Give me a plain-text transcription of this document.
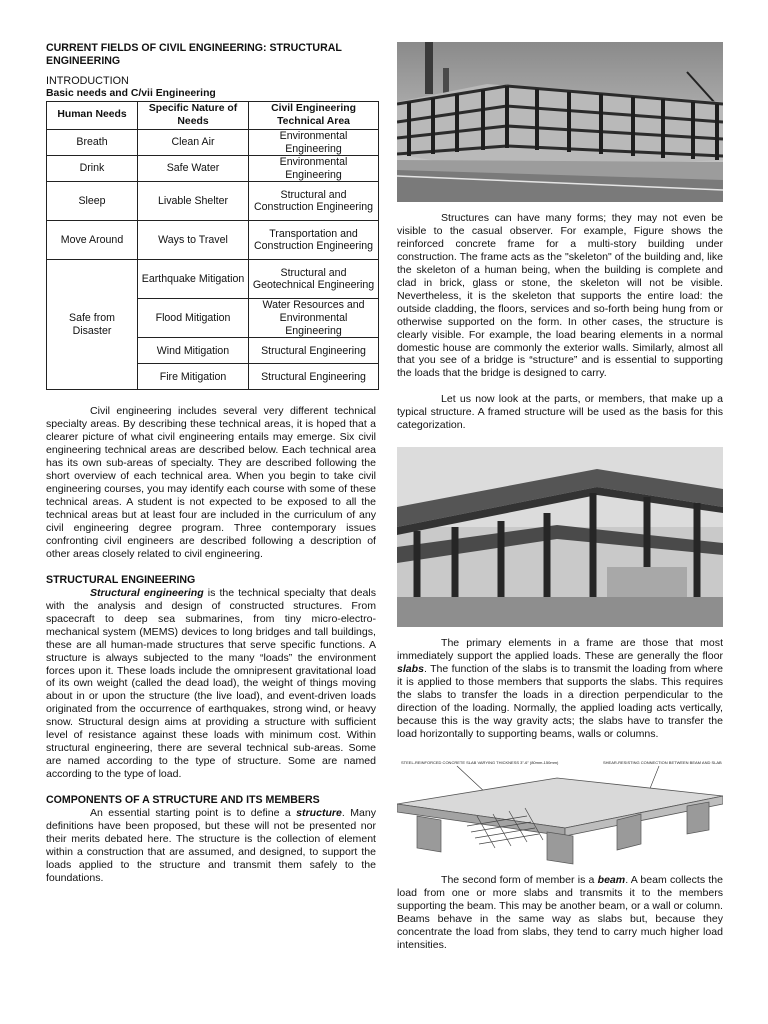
CURRENT FIELDS OF CIVIL ENGINEERING: STRUCTURAL ENGINEERING

INTRODUCTION
Basic needs and C/vii Engineering
Human Needs	Specific Nature of Needs	Civil Engineering Technical Area
Breath	Clean Air	Environmental Engineering
Drink	Safe Water	Environmental Engineering
Sleep	Livable Shelter	Structural and Construction Engineering
Move Around	Ways to Travel	Transportation and Construction Engineering
Safe from Disaster	Earthquake Mitigation	Structural and Geotechnical Engineering
	Flood Mitigation	Water Resources and Environmental Engineering
	Wind Mitigation	Structural Engineering
	Fire Mitigation	Structural Engineering

Civil engineering includes several very different technical specialty areas. By describing these technical areas, it is hoped that a clearer picture of what civil engineering entails may emerge. Six civil engineering technical areas are described below. Each technical area has its own sub-areas of specialty. They are described following the short overview of each technical area. When you begin to take civil engineering courses, you may identify each course with some of these technical areas. A student is not expected to be exposed to all the technical areas but at least four are included in the curriculum of any civil engineering degree program. Three contemporary issues confronting civil engineers are described following a description of other areas closely related to civil engineering.

STRUCTURAL ENGINEERING

Structural engineering is the technical specialty that deals with the analysis and design of constructed structures. From spacecraft to deep sea submarines, from tiny micro-electro-mechanical system (MEMS) devices to long bridges and tall buildings, these are all human-made structures that serve specific functions. A structure is always subjected to the many “loads” the environment forces upon it. These loads include the omnipresent gravitational load of its own weight (called the dead load), the weight of things moving about in or upon the structure (the live load), and event-driven loads originated from the occurrence of earthquakes, strong wind, or heavy snow. Structural design aims at providing a structure with sufficient level of resistance against these loads with minimum cost. Within structural engineering, there are several technical sub-areas. Some are named according to the type of structure. Some are named according to the type of load.

COMPONENTS OF A STRUCTURE AND ITS MEMBERS

An essential starting point is to define a structure. Many definitions have been proposed, but these will not be presented nor their merits debated here. The structure is the collection of element within a construction that are assumed, and designed, to support the loads applied to the structure and transmit them safely to the foundations.

Structures can have many forms; they may not even be visible to the casual observer. For example, Figure shows the reinforced concrete frame for a multi-story building under construction. The frame acts as the "skeleton" of the building and, like the skeleton of a human being, when the building is complete and clad in brick, glass or stone, the skeleton will not be visible. Nevertheless, it is the skeleton that supports the entire load: the outside cladding, the floors, services and so-forth being hung from or otherwise supported on the form. In other cases, the structure is clearly visible. For example, the load bearing elements in a normal domestic house are commonly the exterior walls. Similarly, almost all that you see of a bridge is “structure” and is essential to supporting the loads that the bridge is designed to carry.

Let us now look at the parts, or members, that make up a typical structure. A framed structure will be used as the basis for this categorization.

The primary elements in a frame are those that most immediately support the applied loads. These are generally the floor slabs. The function of the slabs is to transmit the loading from where it is applied to those members that supports the slabs. This requires the slabs to transfer the loads in a direction perpendicular to the direction of the loading. Normally, the applied loading acts vertically, because this is the way gravity acts; the slabs have to transfer the load horizontally to supporting beams, walls or columns.

STEEL-REINFORCED CONCRETE SLAB VARYING THICKNESS 3"-6" (80mm-150mm)	SHEAR-RESISTING CONNECTION BETWEEN BEAM AND SLAB

The second form of member is a beam. A beam collects the load from one or more slabs and transmits it to the members supporting the beam. This may be another beam, or a wall or column. Beams behave in the same way as slabs but, because they concentrate the load from slabs, they tend to carry much higher load intensities.
